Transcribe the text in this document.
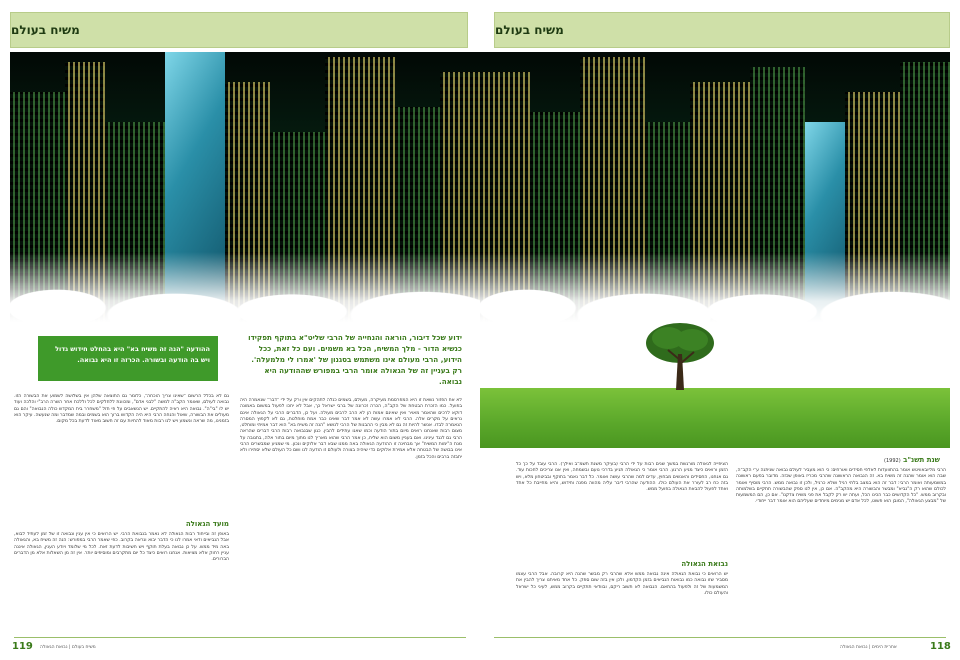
משיח בעולם
ההודעה "הנה זה משיח בא" היא בהחלט חידוש גדול ויש בה הודעה ובשורה. הכרזה זו היא נבואה.

ידוע שכל דיבור, הוראה והנחייה של הרבי שליט"א בתוקף תפקידו כנשיא הדור - מלך המשיח, הכל בא משמים. ועם כל זאת, ככל הידוע, הרבי מעולם אינו משתמש בסגנון של 'אמרו לי מלמעלה'. רק בעניין זה של הגאולה אומר הרבי במפורש שההודעה היא נבואה.

לא אח הפזור נשאת זו היא המפרסמת מעיקרה, מעולם, בשמים כנלה לתהקים אין ורק על ידי "דבר" שנאמרה היה בפועל. כמו הזכרת הבטחת של הקב"ה, הכרה זכרונה של ברבי ישראל כך, אבל לא יחכו לפעול במשום באמונה דוקא לרכים שהאמר מאויר ואין שאינם אמות הן לא הרב לרבים מעולה. ועל כן, הדברים הרבי על הגאולה אינם נראים על מקרים אלה. הרבי לא אמרו עשה לא אמר דבר שאינו כבר אמת מוחלטת, גם לא לקפוץ המסרה הנאמרה לבדו. אנשר להיות זה גם לא מבין כי ההבנות של הרבי לנושא "הנה זה משיח בא" הוא דבר אמיתי ומוחלט, מצום רבות שאנחנו רואים מיום בתור הודעה וכמו שאנו עתידים להבין. כגון שבנבואה רבות הרבי דברים שהראה הרבי גם לנגד עינינו. ואם בעניין משום הוא שליח, כן אמר הרבי שהוא מאריך לנו מתוך מיום בתור אלה, בתגובה על מנת ה"ימות המשיח" אך מבחינה זו ההודעה הגאולה באה ממנו שבא דבר אלוקים ונכון. מי שמגיע שמבשרים הרבי אינו בבושה של הבטחה אלא אמירת אלוקים כדי שיהיה בצורה ולעולם זו הודעה לנו ושם כל העולם שלא יסתירו ולא יתבזה ברבים והכל בזמן.

גם לא בכלל הרשום "שאינו צריך הוכחה", כלומר גם התוצאה שלהן אין בשלושה לשמוע את הבשורה הזו. נבואה לעולם, שאומר הקב"ה למשה "לבני אדם", ומכוונת ללחלקים לכל וללכת אחר השרה הרב"י והלכה ועוד יש לו "בי"ה". נבואה היא ראיה להתקיים. יש הנשאבים על פי חזל "משחרר בית המקדש כולה הנבואה" והם גם מעולים את הבשורה, שאול והנחה הרבי היא היה הקדוש ברוך הוא בשמים ובמה שמדבר ומה שנעשה. עיקר הוא בזמנינו, מה שראה ונשמע ויש לנו רבות מאוד להחיות עם זה חשוב מאוד לדעת בכל מקום.

מועד הגאולה

באופן זה ובייחוד רבות הגאולה לא נאמר בנבואת הרבי. יש הרואים כי אין ענין ונבואה זו של זמן לעתיד לבוא, אבל הנביאים ודאי אמרו לנו כי הדבר יבוא ונראה בקרוב. כפי שאמר הרבי במפורש: הנה זה משיח בא, והגאולה באה מיד ממש. על כן נבואה בעלת תוקף ויש חשיבות לדעת זאת. לכל מי שלומד ויודע הענין, הגאולה איננה עניין רחוק אלא מציאות. אנחנו רואים כיצד כל יום מתקרבים ומוסיפים יותר. אין זה מן השאלות אלא מן הדברים הברורים.

119 משיח בעולם | נבואת הגאולה
משיח בעולם

שנת תשנ"ב (1992)

הרבי מליובאוויטש אומר בהתוועדות לאלפי חסידים ואורחים: כי הוא מעביר לעולם נבואה שניתנה ע"י הקב"ה, שבה הוא אומר שהנה זה משיח בא. זה הנבואה הראשונה שהרבי מכריז באופן שכזה. מדובר בפעם ראשונה במשמעותה ואומר הרבי: דבר זה הוא במצב בלתי רגיל ושלא כרגיל, ולכן זו נבואה ממש. הרבי מוסיף ואומר לכולם שהוא רק ה"נביא" ומבשר והבשורה היא מהקב"ה. אם כן, אין לנו ספק שהבשורה תתקיים בשלמותה ובקרוב ממש. "כל הקדושים כבר הכינו הכל, ועתה יש רק לקבל את פני משיח צדקנו". אם כן, הם המשמעות של "מבצע הגאולה", המובן הוא פשוט, לכל אדם יש מנימים מיוחדים שעליהם הוא אומר דבר ייחודי.

הציפייה לגאולה מורגשת במשך שנים רבות על ידי הרבי (בעיקר משנת תשמ"ב ואילך). הרבי עובד על כך כל הזמן ורואים כיצד מגיע הרגע. הרבי אומר כי הגאולה תגיע בדרכי נועם ובשמחה, ואין אנו צריכים לחכות עוד. גם אנחנו, החסידים והאנשים מבחוץ, עדים למה שהרבי עושה ואומר. כל דבר נאמר בתוקף ובביטחון מלא, ויש בזה כח רב לעורר את העולם כולו. ההודעה שהרבי דיבר עליה מהווה מפנה וחידוש, והיא מחייבת כל אחד ואחד לפעול להבאת הגאולה בפועל ממש.

נבואת הגאולה

יש הרואים כי נבואת הגאולה אינה נבואה ממש אלא שהרבי רק מבשר שהנה היא קרובה. אבל הרבי עצמו מסביר שזו נבואה כמו נבואות הנביאים בזמן הקדמון, ולכן אין בזה שום ספק. כל אחד מאיתנו צריך להבין את המשמעות של זה ולפעול בהתאם. הנבואה לא תשוב ריקם, ובוודאי תתקיים בקרוב ממש, לעיני כל ישראל והעולם כולו.

118
אחרית הימים | נבואת הגאולה
